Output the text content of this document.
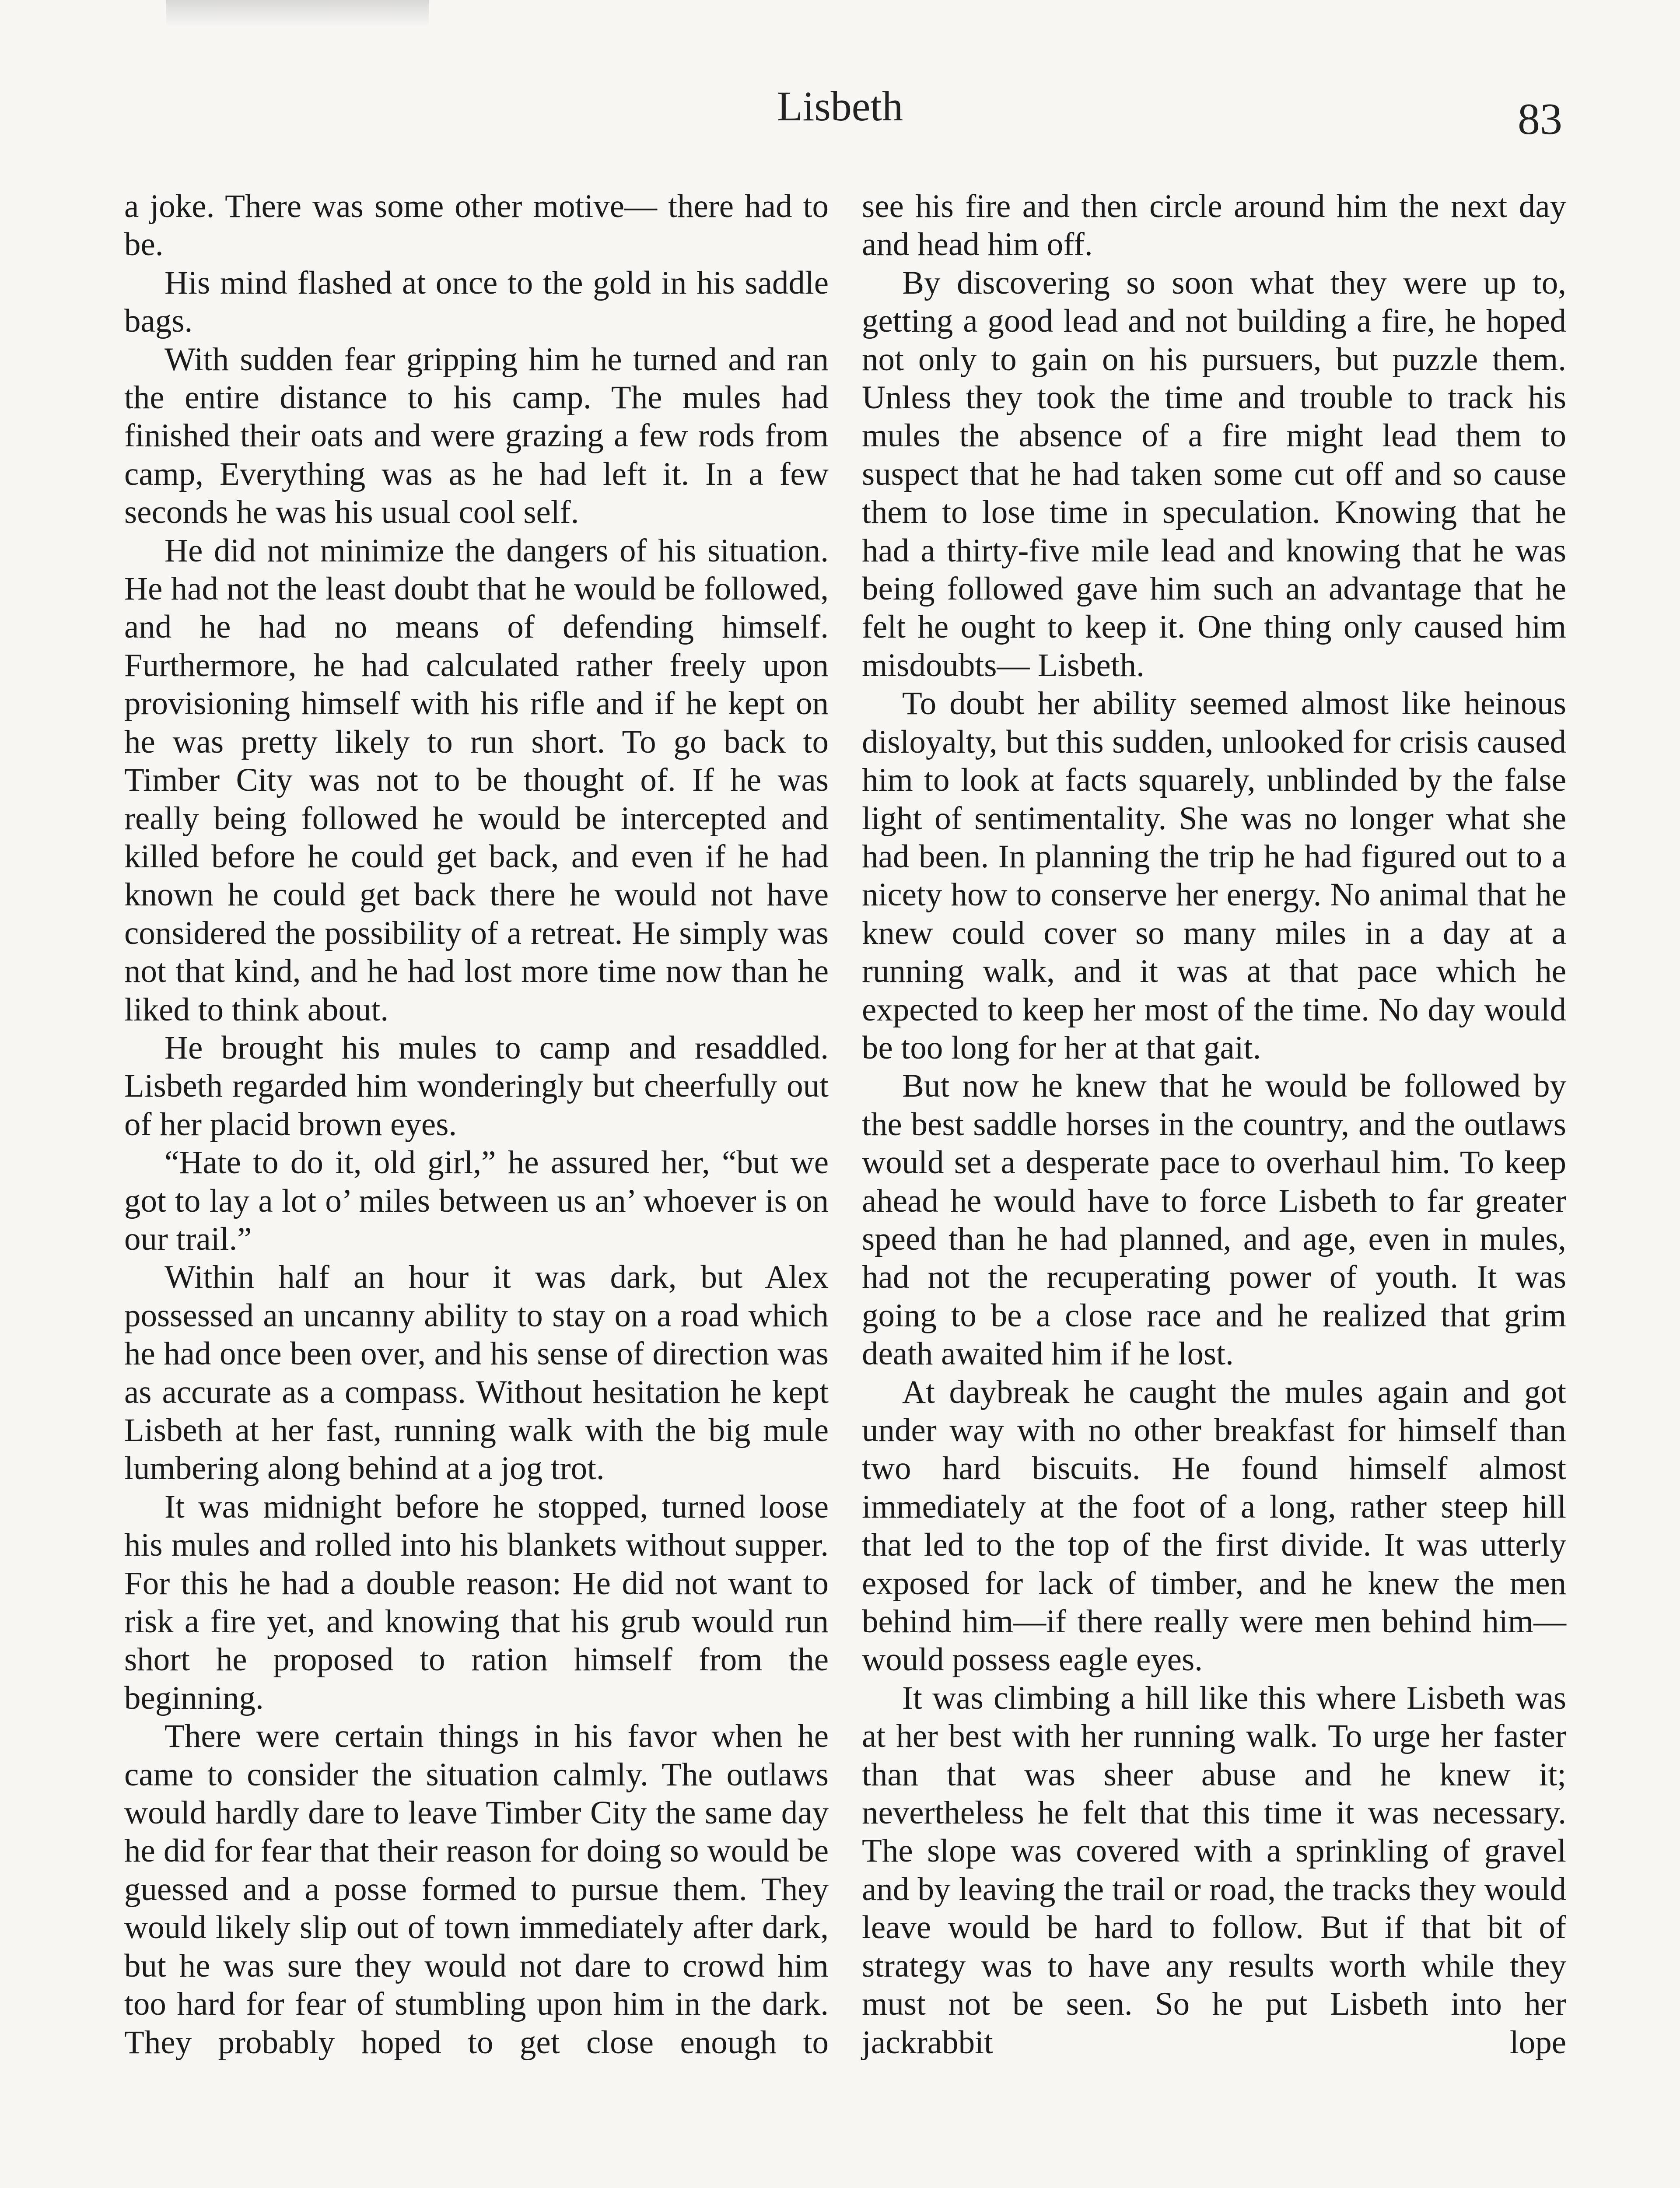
Lisbeth	83

a joke. There was some other motive— there had to be.

His mind flashed at once to the gold in his saddle bags.

With sudden fear gripping him he turned and ran the entire distance to his camp. The mules had finished their oats and were grazing a few rods from camp, Everything was as he had left it. In a few seconds he was his usual cool self.

He did not minimize the dangers of his situation. He had not the least doubt that he would be followed, and he had no means of defending himself. Furthermore, he had calculated rather freely upon provisioning himself with his rifle and if he kept on he was pretty likely to run short. To go back to Timber City was not to be thought of. If he was really being followed he would be intercepted and killed before he could get back, and even if he had known he could get back there he would not have considered the possibility of a retreat. He simply was not that kind, and he had lost more time now than he liked to think about.

He brought his mules to camp and resaddled. Lisbeth regarded him wonderingly but cheerfully out of her placid brown eyes.

“Hate to do it, old girl,” he assured her, “but we got to lay a lot o’ miles between us an’ whoever is on our trail.”

Within half an hour it was dark, but Alex possessed an uncanny ability to stay on a road which he had once been over, and his sense of direction was as accurate as a compass. Without hesitation he kept Lisbeth at her fast, running walk with the big mule lumbering along behind at a jog trot.

It was midnight before he stopped, turned loose his mules and rolled into his blankets without supper. For this he had a double reason: He did not want to risk a fire yet, and knowing that his grub would run short he proposed to ration himself from the beginning.

There were certain things in his favor when he came to consider the situation calmly. The outlaws would hardly dare to leave Timber City the same day he did for fear that their reason for doing so would be guessed and a posse formed to pursue them. They would likely slip out of town immediately after dark, but he was sure they would not dare to crowd him too hard for fear of stumbling upon him in the dark. They probably hoped to get close enough to

see his fire and then circle around him the next day and head him off.

By discovering so soon what they were up to, getting a good lead and not building a fire, he hoped not only to gain on his pursuers, but puzzle them. Unless they took the time and trouble to track his mules the absence of a fire might lead them to suspect that he had taken some cut off and so cause them to lose time in speculation. Knowing that he had a thirty-five mile lead and knowing that he was being followed gave him such an advantage that he felt he ought to keep it. One thing only caused him misdoubts— Lisbeth.

To doubt her ability seemed almost like heinous disloyalty, but this sudden, unlooked for crisis caused him to look at facts squarely, unblinded by the false light of sentimentality. She was no longer what she had been. In planning the trip he had figured out to a nicety how to conserve her energy. No animal that he knew could cover so many miles in a day at a running walk, and it was at that pace which he expected to keep her most of the time. No day would be too long for her at that gait.

But now he knew that he would be followed by the best saddle horses in the country, and the outlaws would set a desperate pace to overhaul him. To keep ahead he would have to force Lisbeth to far greater speed than he had planned, and age, even in mules, had not the recuperating power of youth. It was going to be a close race and he realized that grim death awaited him if he lost.

At daybreak he caught the mules again and got under way with no other breakfast for himself than two hard biscuits. He found himself almost immediately at the foot of a long, rather steep hill that led to the top of the first divide. It was utterly exposed for lack of timber, and he knew the men behind him—if there really were men behind him—would possess eagle eyes.

It was climbing a hill like this where Lisbeth was at her best with her running walk. To urge her faster than that was sheer abuse and he knew it; nevertheless he felt that this time it was necessary. The slope was covered with a sprinkling of gravel and by leaving the trail or road, the tracks they would leave would be hard to follow. But if that bit of strategy was to have any results worth while they must not be seen. So he put Lisbeth into her jackrabbit lope
